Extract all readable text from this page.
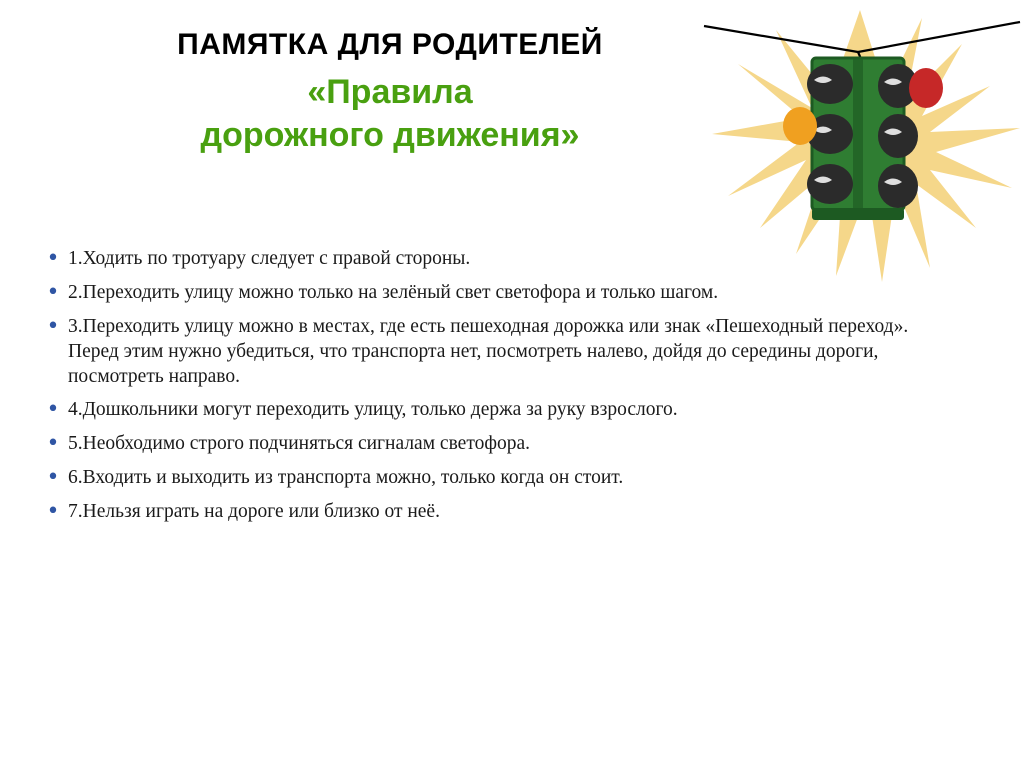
ПАМЯТКА ДЛЯ РОДИТЕЛЕЙ
«Правила
дорожного движения»
• 1.Ходить по тротуару следует с правой стороны.
• 2.Переходить улицу можно только на зелёный свет светофора и только шагом.
• 3.Переходить улицу можно в местах, где есть пешеходная дорожка или знак «Пешеходный переход». Перед этим нужно убедиться, что транспорта нет, посмотреть налево, дойдя до середины дороги, посмотреть направо.
• 4.Дошкольники могут переходить улицу, только держа за руку взрослого.
• 5.Необходимо строго подчиняться сигналам светофора.
• 6.Входить и выходить из транспорта можно, только когда он стоит.
• 7.Нельзя играть на дороге или близко от неё.
